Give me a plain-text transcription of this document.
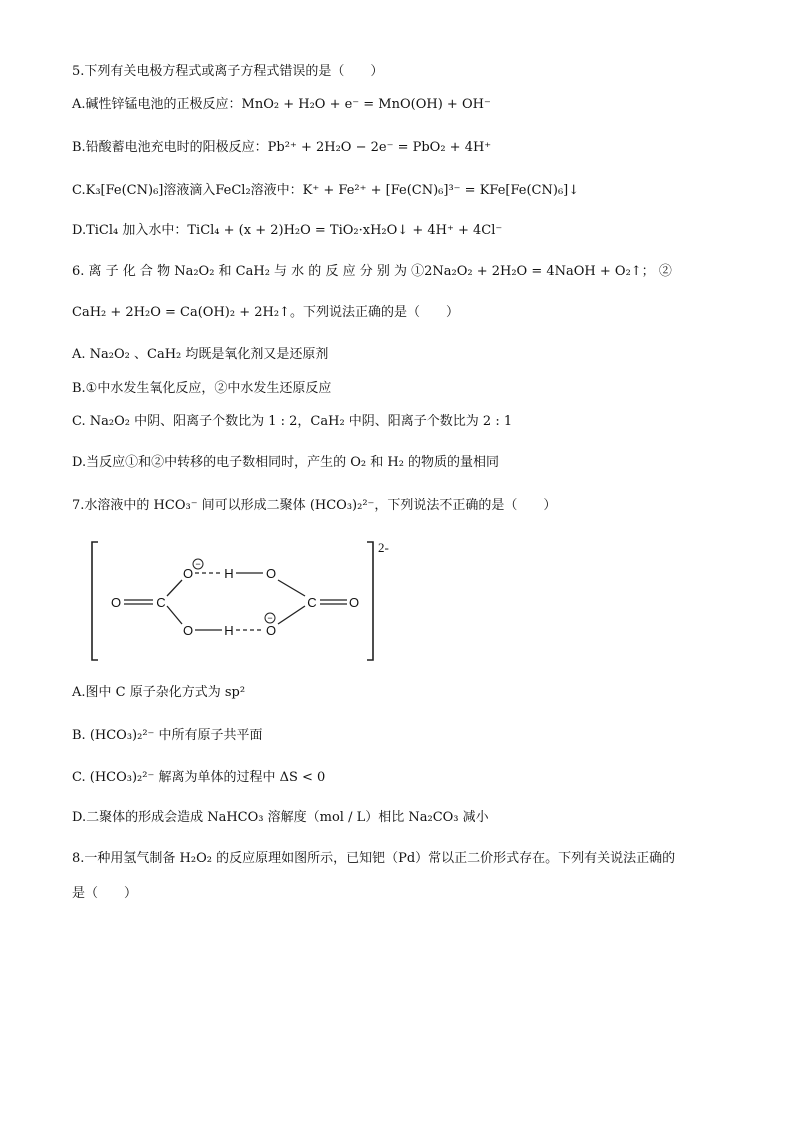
5.下列有关电极方程式或离子方程式错误的是（　　）
A.碱性锌锰电池的正极反应：MnO₂ + H₂O + e⁻ = MnO(OH) + OH⁻
B.铅酸蓄电池充电时的阳极反应：Pb²⁺ + 2H₂O − 2e⁻ = PbO₂ + 4H⁺
C.K₃[Fe(CN)₆]溶液滴入FeCl₂溶液中：K⁺ + Fe²⁺ + [Fe(CN)₆]³⁻ = KFe[Fe(CN)₆]↓
D.TiCl₄ 加入水中：TiCl₄ + (x + 2)H₂O = TiO₂·xH₂O↓ + 4H⁺ + 4Cl⁻
6. 离 子 化 合 物 Na₂O₂ 和 CaH₂ 与 水 的 反 应 分 别 为 ①2Na₂O₂ + 2H₂O = 4NaOH + O₂↑； ②
CaH₂ + 2H₂O = Ca(OH)₂ + 2H₂↑。下列说法正确的是（　　）
A. Na₂O₂ 、CaH₂ 均既是氧化剂又是还原剂
B.①中水发生氧化反应，②中水发生还原反应
C. Na₂O₂ 中阴、阳离子个数比为 1 : 2，CaH₂ 中阴、阳离子个数比为 2 : 1
D.当反应①和②中转移的电子数相同时，产生的 O₂ 和 H₂ 的物质的量相同
7.水溶液中的 HCO₃⁻ 间可以形成二聚体 (HCO₃)₂²⁻，下列说法不正确的是（　　）
2-
O	C
O
O
H
H
O
O
C O
−
−
A.图中 C 原子杂化方式为 sp²
B. (HCO₃)₂²⁻ 中所有原子共平面
C. (HCO₃)₂²⁻ 解离为单体的过程中 ΔS < 0
D.二聚体的形成会造成 NaHCO₃ 溶解度（mol / L）相比 Na₂CO₃ 减小
8.一种用氢气制备 H₂O₂ 的反应原理如图所示，已知钯（Pd）常以正二价形式存在。下列有关说法正确的
是（　　）
